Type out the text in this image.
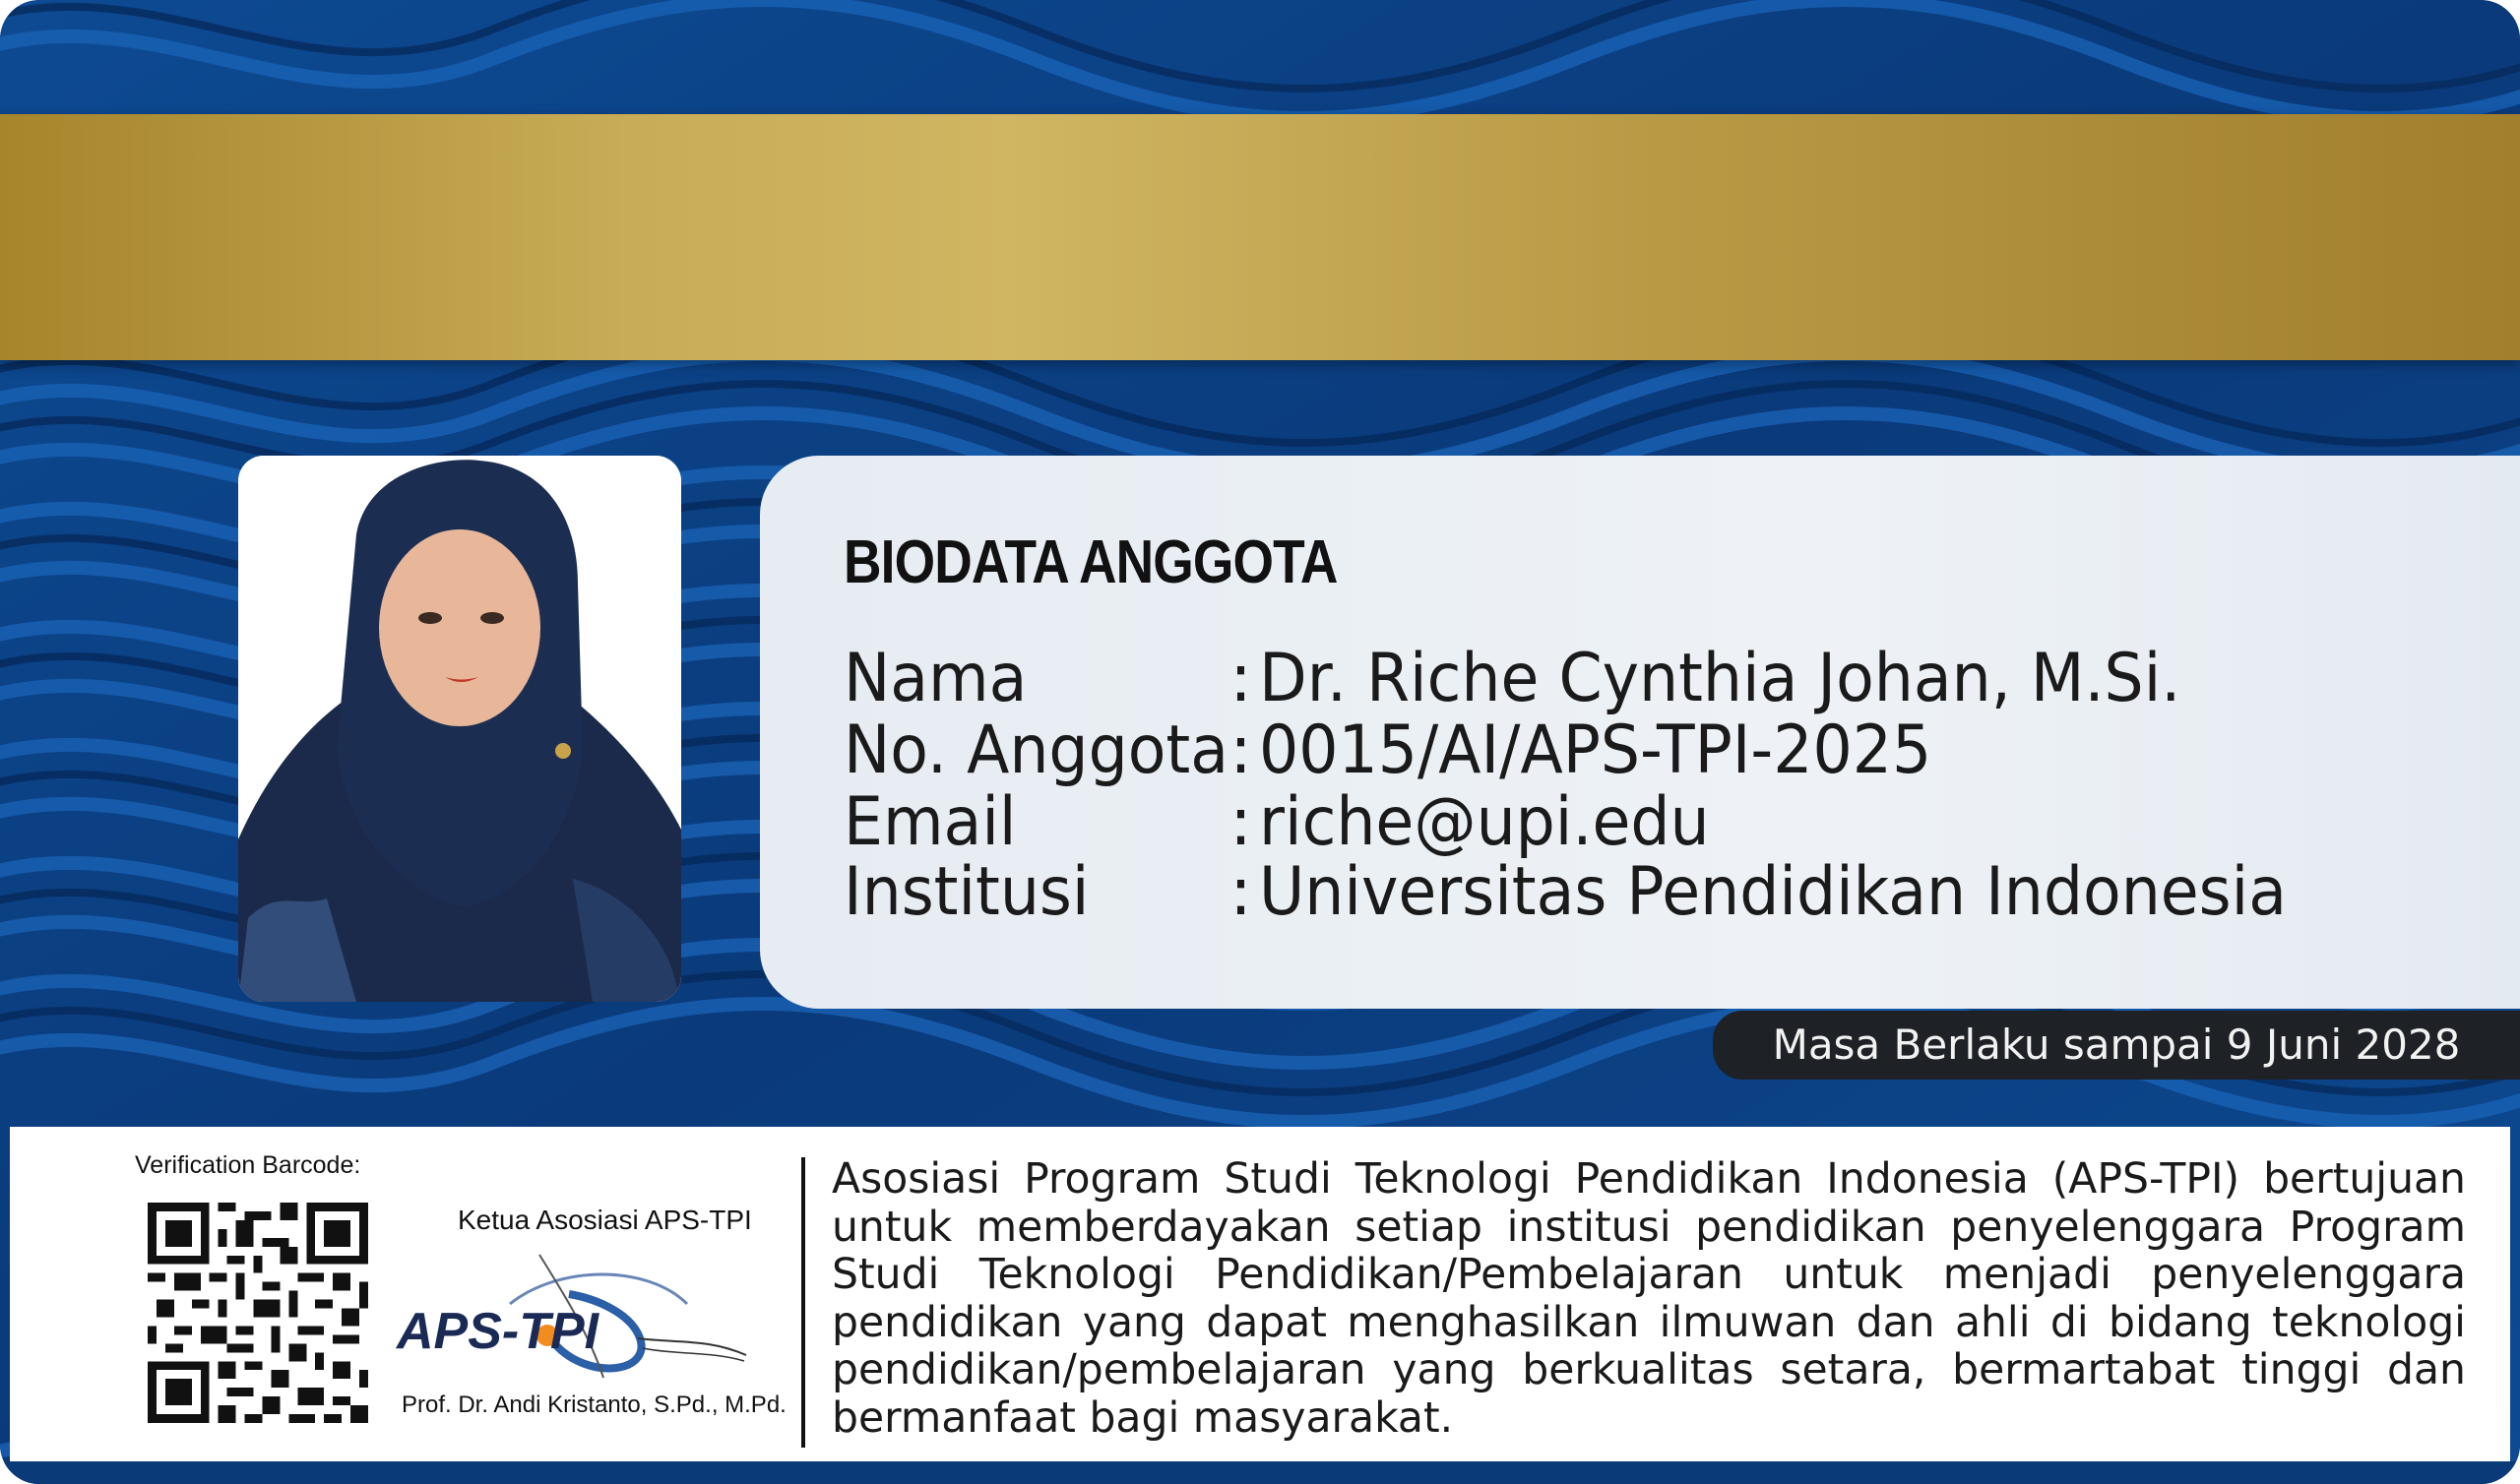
BIODATA ANGGOTA
Nama	: Dr. Riche Cynthia Johan, M.Si.
No. Anggota: 0015/AI/APS-TPI-2025
Email	: riche@upi.edu
Institusi : Universitas Pendidikan Indonesia
Masa Berlaku sampai 9 Juni 2028
Verification Barcode:
Ketua Asosiasi APS-TPI
APS-TPI
Prof. Dr. Andi Kristanto, S.Pd., M.Pd.
Asosiasi Program Studi Teknologi Pendidikan Indonesia (APS-TPI) bertujuan untuk memberdayakan setiap institusi pendidikan penyelenggara Program Studi Teknologi Pendidikan/Pembelajaran untuk menjadi penyelenggara pendidikan yang dapat menghasilkan ilmuwan dan ahli di bidang teknologi pendidikan/pembelajaran yang berkualitas setara, bermartabat tinggi dan bermanfaat bagi masyarakat.
